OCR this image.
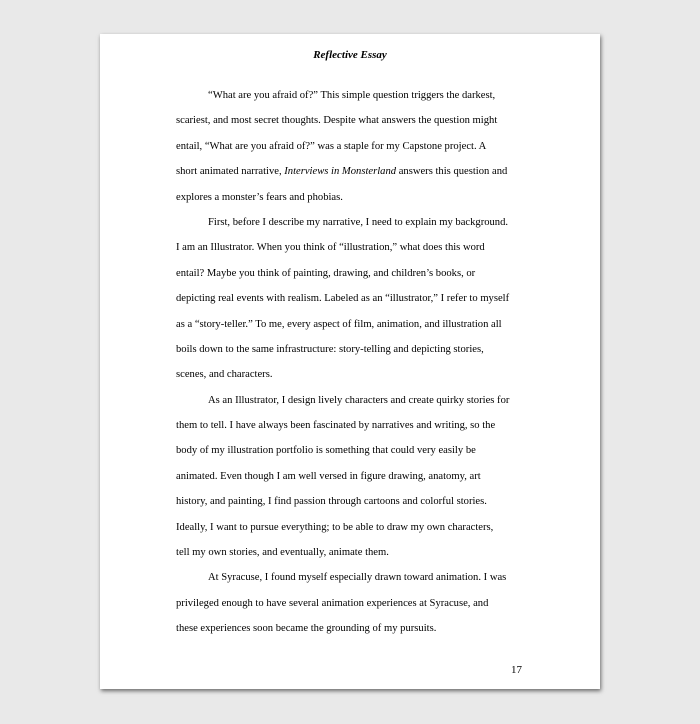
Reflective Essay
“What are you afraid of?” This simple question triggers the darkest,
scariest, and most secret thoughts. Despite what answers the question might
entail, “What are you afraid of?” was a staple for my Capstone project. A
short animated narrative, Interviews in Monsterland answers this question and
explores a monster’s fears and phobias.
First, before I describe my narrative, I need to explain my background.
I am an Illustrator. When you think of “illustration,” what does this word
entail? Maybe you think of painting, drawing, and children’s books, or
depicting real events with realism. Labeled as an “illustrator,” I refer to myself
as a “story-teller.” To me, every aspect of film, animation, and illustration all
boils down to the same infrastructure: story-telling and depicting stories,
scenes, and characters.
As an Illustrator, I design lively characters and create quirky stories for
them to tell. I have always been fascinated by narratives and writing, so the
body of my illustration portfolio is something that could very easily be
animated. Even though I am well versed in figure drawing, anatomy, art
history, and painting, I find passion through cartoons and colorful stories.
Ideally, I want to pursue everything; to be able to draw my own characters,
tell my own stories, and eventually, animate them.
At Syracuse, I found myself especially drawn toward animation. I was
privileged enough to have several animation experiences at Syracuse, and
these experiences soon became the grounding of my pursuits.
17
